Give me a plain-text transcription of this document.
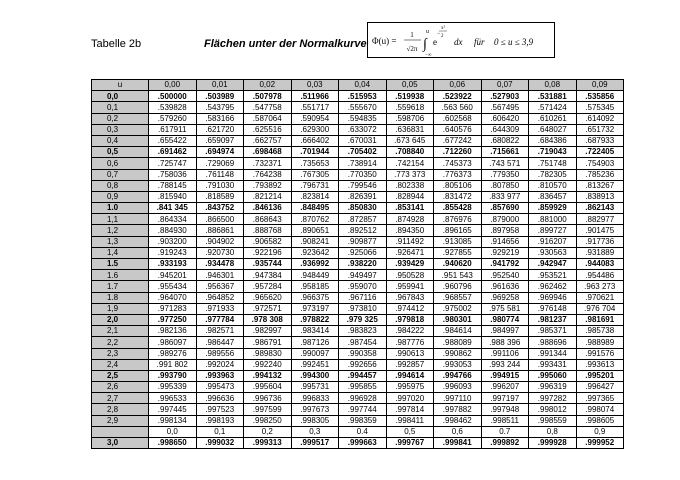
Tabelle 2b	Flächen unter der Normalkurve Φ(u) =
1
√2π
u
∫
−∞
e
x²
2
−
dx für 0 ≤ u ≤ 3,9
u	0,00	0,01	0,02	0,03	0,04	0,05	0,06	0,07	0,08	0,09
0,0	.500000	.503989	.507978	.511966	.515953	.519938	.523922	.527903	.531881	.535856
0,1	.539828	.543795	.547758	.551717	.555670	.559618	.563 560	.567495	.571424	.575345
0,2	.579260	.583166	.587064	.590954	.594835	.598706	.602568	.606420	.610261	.614092
0,3	.617911	.621720	.625516	.629300	.633072	.636831	.640576	.644309	.648027	.651732
0,4	.655422	.659097	.662757	.666402	.670031	.673 645	.677242	.680822	.684386	.687933
0,5	.691462	.694974	.698468	.701944	.705402	.708840	.712260	.715661	.719043	.722405
0,6	.725747	.729069	.732371	.735653	.738914	.742154	.745373	.743 571	.751748	.754903
0,7	.758036	.761148	.764238	.767305	.770350	.773 373	.776373	.779350	.782305	.785236
0,8	.788145	.791030	.793892	.796731	.799546	.802338	.805106	.807850	.810570	.813267
0,9	.815940	.818589	.821214	.823814	.826391	.828944	.831472	.833 977	.836457	.838913
1.0	.841 345	.843752	.846136	.848495	.850830	.853141	.855428	.857690	.859929	.862143
1,1	.864334	.866500	.868643	.870762	.872857	.874928	.876976	.879000	.881000	.882977
1,2	.884930	.886861	.888768	.890651	.892512	.894350	.896165	.897958	.899727	.901475
1,3	.903200	.904902	.906582	.908241	.909877	.911492	.913085	.914656	.916207	.917736
1,4	.919243	.920730	.922196	.923642	.925066	.926471	.927855	.929219	.930563	.931889
1.5	.933193	.934478	.935744	.936992	.938220	.939429	.940620	.941792	.942947	.944083
1.6	.945201	.946301	.947384	.948449	.949497	.950528	.951 543	.952540	.953521	.954486
1.7	.955434	.956367	.957284	.958185	.959070	.959941	.960796	.961636	.962462	.963 273
1.8	.964070	.964852	.965620	.966375	.967116	.967843	.968557	.969258	.969946	.970621
1,9	.971283	.971933	.972571	.973197	.973810	.974412	.975002	.975 581	.976148	.976 704
2,0	.977250	.977784	.978 308	.978822	.979 325	.979818	.980301	.980774	.981237	.981691
2,1	.982136	.982571	.982997	.983414	.983823	.984222	.984614	.984997	.985371	.985738
2,2	.986097	.986447	.986791	.987126	.987454	.987776	.988089	.988 396	.988696	.988989
2,3	.989276	.989556	.989830	.990097	.990358	.990613	.990862	.991106	.991344	.991576
2,4	.991 802	.992024	.992240	.992451	.992656	.992857	.993053	.993 244	.993431	.993613
2,5	.993790	.993963	.994132	.994300	.994457	.994614	.994766	.994915	.995060	.995201
2,6	.995339	.995473	.995604	.995731	.995855	.995975	.996093	.996207	.996319	.996427
2,7	.996533	.996636	.996736	.996833	.996928	.997020	.997110	.997197	.997282	.997365
2,8	.997445	.997523	.997599	.997673	.997744	.997814	.997882	.997948	.998012	.998074
2,9	.998134	.998193	.998250	.998305	.998359	.998411	.998462	.998511	.998559	.998605
	0,0	0,1	0,2	0,3	0.4	0,5	0,6	0.7	0,8	0,9
3,0	.998650	.999032	.999313	.999517	.999663	.999767	.999841	.999892	.999928	.999952
